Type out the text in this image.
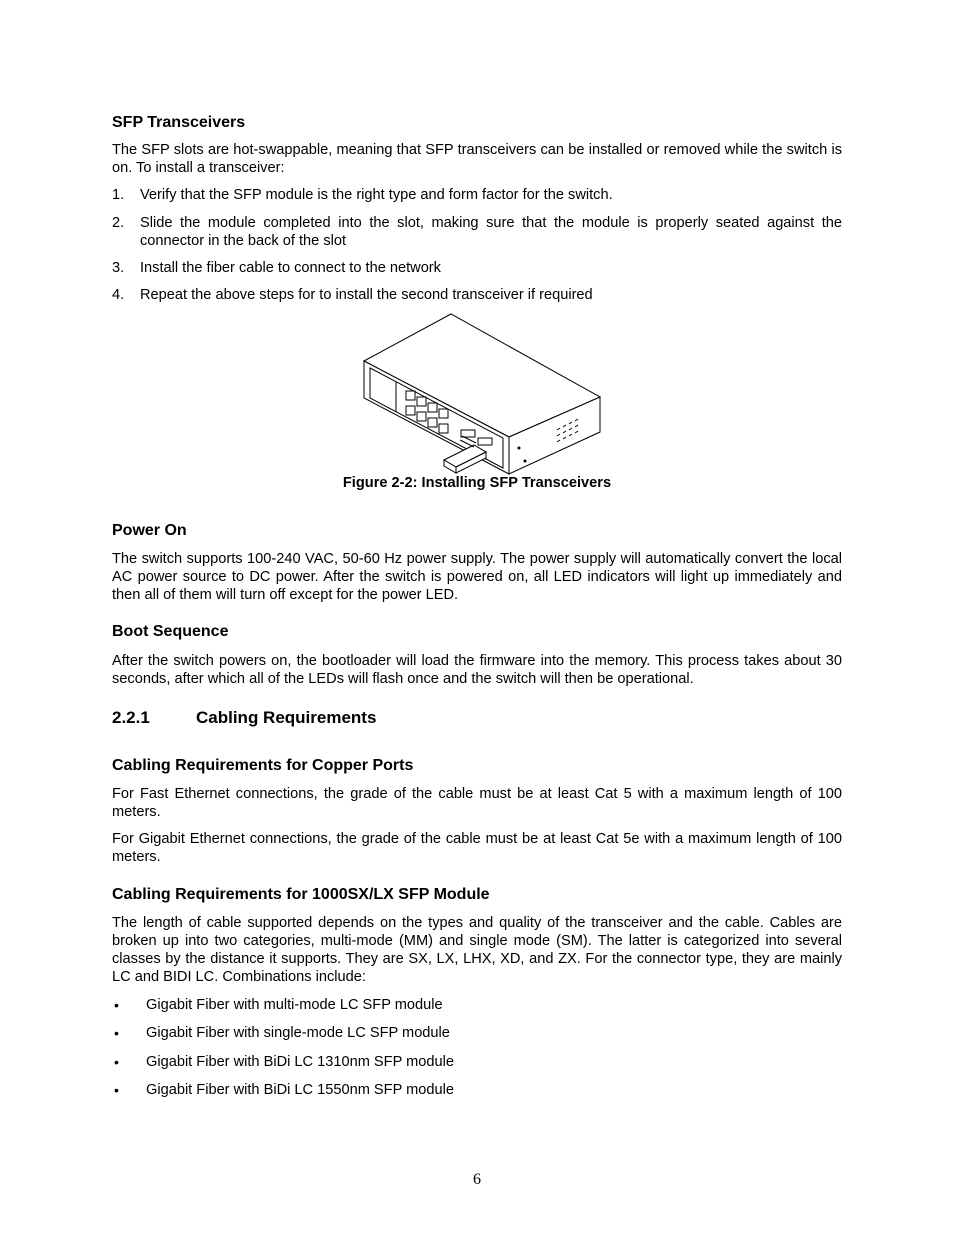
SFP Transceivers

The SFP slots are hot-swappable, meaning that SFP transceivers can be installed or removed while the switch is on. To install a transceiver:

1. Verify that the SFP module is the right type and form factor for the switch.
2. Slide the module completed into the slot, making sure that the module is properly seated against the connector in the back of the slot
3. Install the fiber cable to connect to the network
4. Repeat the above steps for to install the second transceiver if required
Figure 2-2: Installing SFP Transceivers
Power On

The switch supports 100-240 VAC, 50-60 Hz power supply. The power supply will automatically convert the local AC power source to DC power. After the switch is powered on, all LED indicators will light up immediately and then all of them will turn off except for the power LED.

Boot Sequence

After the switch powers on, the bootloader will load the firmware into the memory. This process takes about 30 seconds, after which all of the LEDs will flash once and the switch will then be operational.

2.2.1	Cabling Requirements
Cabling Requirements for Copper Ports

For Fast Ethernet connections, the grade of the cable must be at least Cat 5 with a maximum length of 100 meters.

For Gigabit Ethernet connections, the grade of the cable must be at least Cat 5e with a maximum length of 100 meters.

Cabling Requirements for 1000SX/LX SFP Module

The length of cable supported depends on the types and quality of the transceiver and the cable. Cables are broken up into two categories, multi-mode (MM) and single mode (SM). The latter is categorized into several classes by the distance it supports. They are SX, LX, LHX, XD, and ZX. For the connector type, they are mainly LC and BIDI LC. Combinations include:

• Gigabit Fiber with multi-mode LC SFP module
• Gigabit Fiber with single-mode LC SFP module
• Gigabit Fiber with BiDi LC 1310nm SFP module
• Gigabit Fiber with BiDi LC 1550nm SFP module
6
